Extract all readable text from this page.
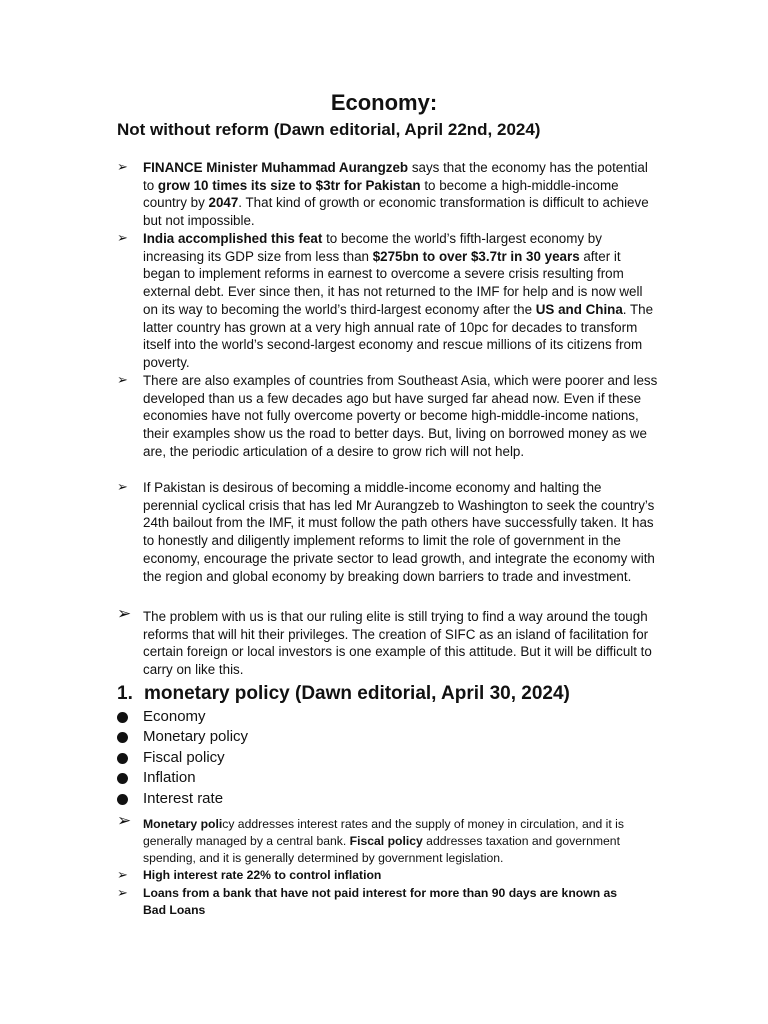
Economy:
Not without reform (Dawn editorial, April 22nd, 2024)
➢	FINANCE Minister Muhammad Aurangzeb says that the economy has the potential to grow 10 times its size to $3tr for Pakistan to become a high-middle-income country by 2047. That kind of growth or economic transformation is difficult to achieve but not impossible.
➢	India accomplished this feat to become the world’s fifth-largest economy by increasing its GDP size from less than $275bn to over $3.7tr in 30 years after it began to implement reforms in earnest to overcome a severe crisis resulting from external debt. Ever since then, it has not returned to the IMF for help and is now well on its way to becoming the world’s third-largest economy after the US and China. The latter country has grown at a very high annual rate of 10pc for decades to transform itself into the world’s second-largest economy and rescue millions of its citizens from poverty.
➢	There are also examples of countries from Southeast Asia, which were poorer and less developed than us a few decades ago but have surged far ahead now. Even if these economies have not fully overcome poverty or become high-middle-income nations, their examples show us the road to better days. But, living on borrowed money as we are, the periodic articulation of a desire to grow rich will not help.
➢	If Pakistan is desirous of becoming a middle-income economy and halting the perennial cyclical crisis that has led Mr Aurangzeb to Washington to seek the country’s 24th bailout from the IMF, it must follow the path others have successfully taken. It has to honestly and diligently implement reforms to limit the role of government in the economy, encourage the private sector to lead growth, and integrate the economy with the region and global economy by breaking down barriers to trade and investment.
➢ The problem with us is that our ruling elite is still trying to find a way around the tough reforms that will hit their privileges. The creation of SIFC as an island of facilitation for certain foreign or local investors is one example of this attitude. But it will be difficult to carry on like this.
1. monetary policy (Dawn editorial, April 30, 2024)
Economy
Monetary policy
Fiscal policy
Inflation
Interest rate
➢ Monetary policy addresses interest rates and the supply of money in circulation, and it is generally managed by a central bank. Fiscal policy addresses taxation and government spending, and it is generally determined by government legislation.
➢	High interest rate 22% to control inflation
➢	Loans from a bank that have not paid interest for more than 90 days are known as Bad Loans
